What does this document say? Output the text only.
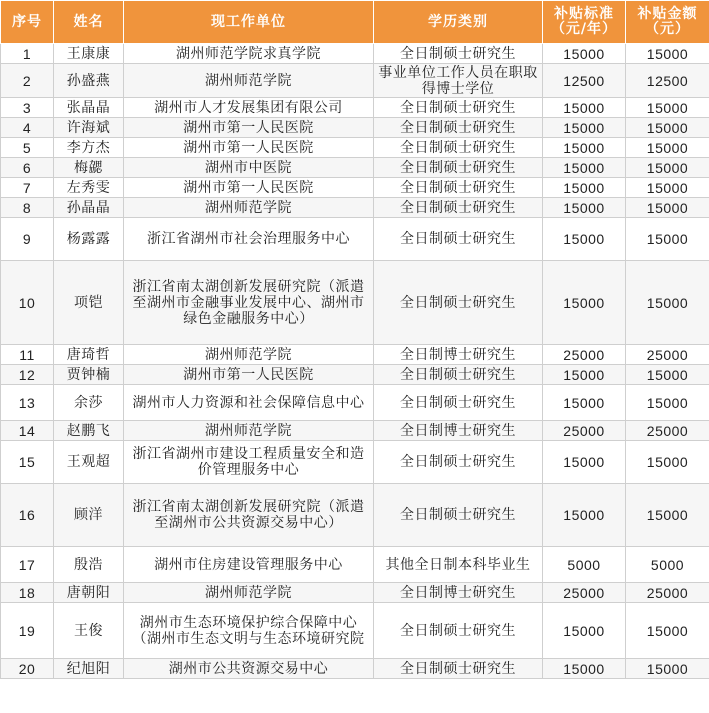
序号	姓名	现工作单位	学历类别	补贴标准（元/年）	补贴金额（元）
1	王康康	湖州师范学院求真学院	全日制硕士研究生	15000	15000
2	孙盛燕	湖州师范学院	事业单位工作人员在职取得博士学位	12500	12500
3	张晶晶	湖州市人才发展集团有限公司	全日制硕士研究生	15000	15000
4	许海斌	湖州市第一人民医院	全日制硕士研究生	15000	15000
5	李方杰	湖州市第一人民医院	全日制硕士研究生	15000	15000
6	梅勰	湖州市中医院	全日制硕士研究生	15000	15000
7	左秀雯	湖州市第一人民医院	全日制硕士研究生	15000	15000
8	孙晶晶	湖州师范学院	全日制硕士研究生	15000	15000
9	杨露露	浙江省湖州市社会治理服务中心	全日制硕士研究生	15000	15000
10	项铠	浙江省南太湖创新发展研究院（派遣至湖州市金融事业发展中心、湖州市绿色金融服务中心）	全日制硕士研究生	15000	15000
11	唐琦哲	湖州师范学院	全日制博士研究生	25000	25000
12	贾钟楠	湖州市第一人民医院	全日制硕士研究生	15000	15000
13	余莎	湖州市人力资源和社会保障信息中心	全日制硕士研究生	15000	15000
14	赵鹏飞	湖州师范学院	全日制博士研究生	25000	25000
15	王观超	浙江省湖州市建设工程质量安全和造价管理服务中心	全日制硕士研究生	15000	15000
16	顾洋	浙江省南太湖创新发展研究院（派遣至湖州市公共资源交易中心）	全日制硕士研究生	15000	15000
17	殷浩	湖州市住房建设管理服务中心	其他全日制本科毕业生	5000	5000
18	唐朝阳	湖州师范学院	全日制博士研究生	25000	25000
19	王俊	湖州市生态环境保护综合保障中心（湖州市生态文明与生态环境研究院	全日制硕士研究生	15000	15000
20	纪旭阳	湖州市公共资源交易中心	全日制硕士研究生	15000	15000
